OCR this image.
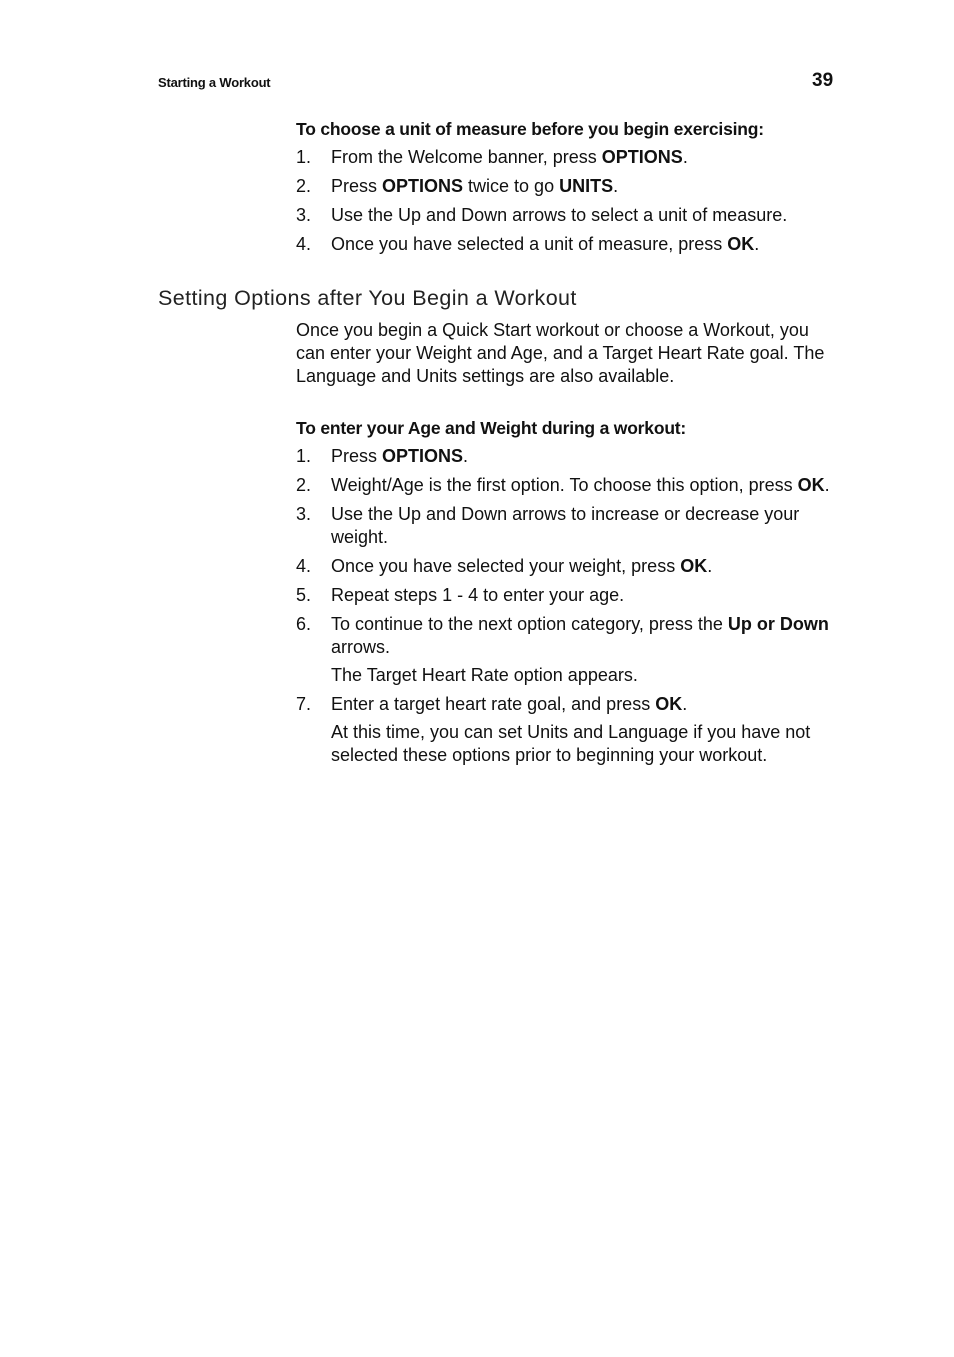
Starting a Workout	39
To choose a unit of measure before you begin exercising:
1. From the Welcome banner, press OPTIONS.
2. Press OPTIONS twice to go UNITS.
3. Use the Up and Down arrows to select a unit of measure.
4. Once you have selected a unit of measure, press OK.
Setting Options after You Begin a Workout
Once you begin a Quick Start workout or choose a Workout, you can enter your Weight and Age, and a Target Heart Rate goal. The Language and Units settings are also available.
To enter your Age and Weight during a workout:
1. Press OPTIONS.
2. Weight/Age is the first option. To choose this option, press OK.
3. Use the Up and Down arrows to increase or decrease your weight.
4. Once you have selected your weight, press OK.
5. Repeat steps 1 - 4 to enter your age.
6. To continue to the next option category, press the Up or Down arrows.
The Target Heart Rate option appears.
7. Enter a target heart rate goal, and press OK.
At this time, you can set Units and Language if you have not selected these options prior to beginning your workout.
